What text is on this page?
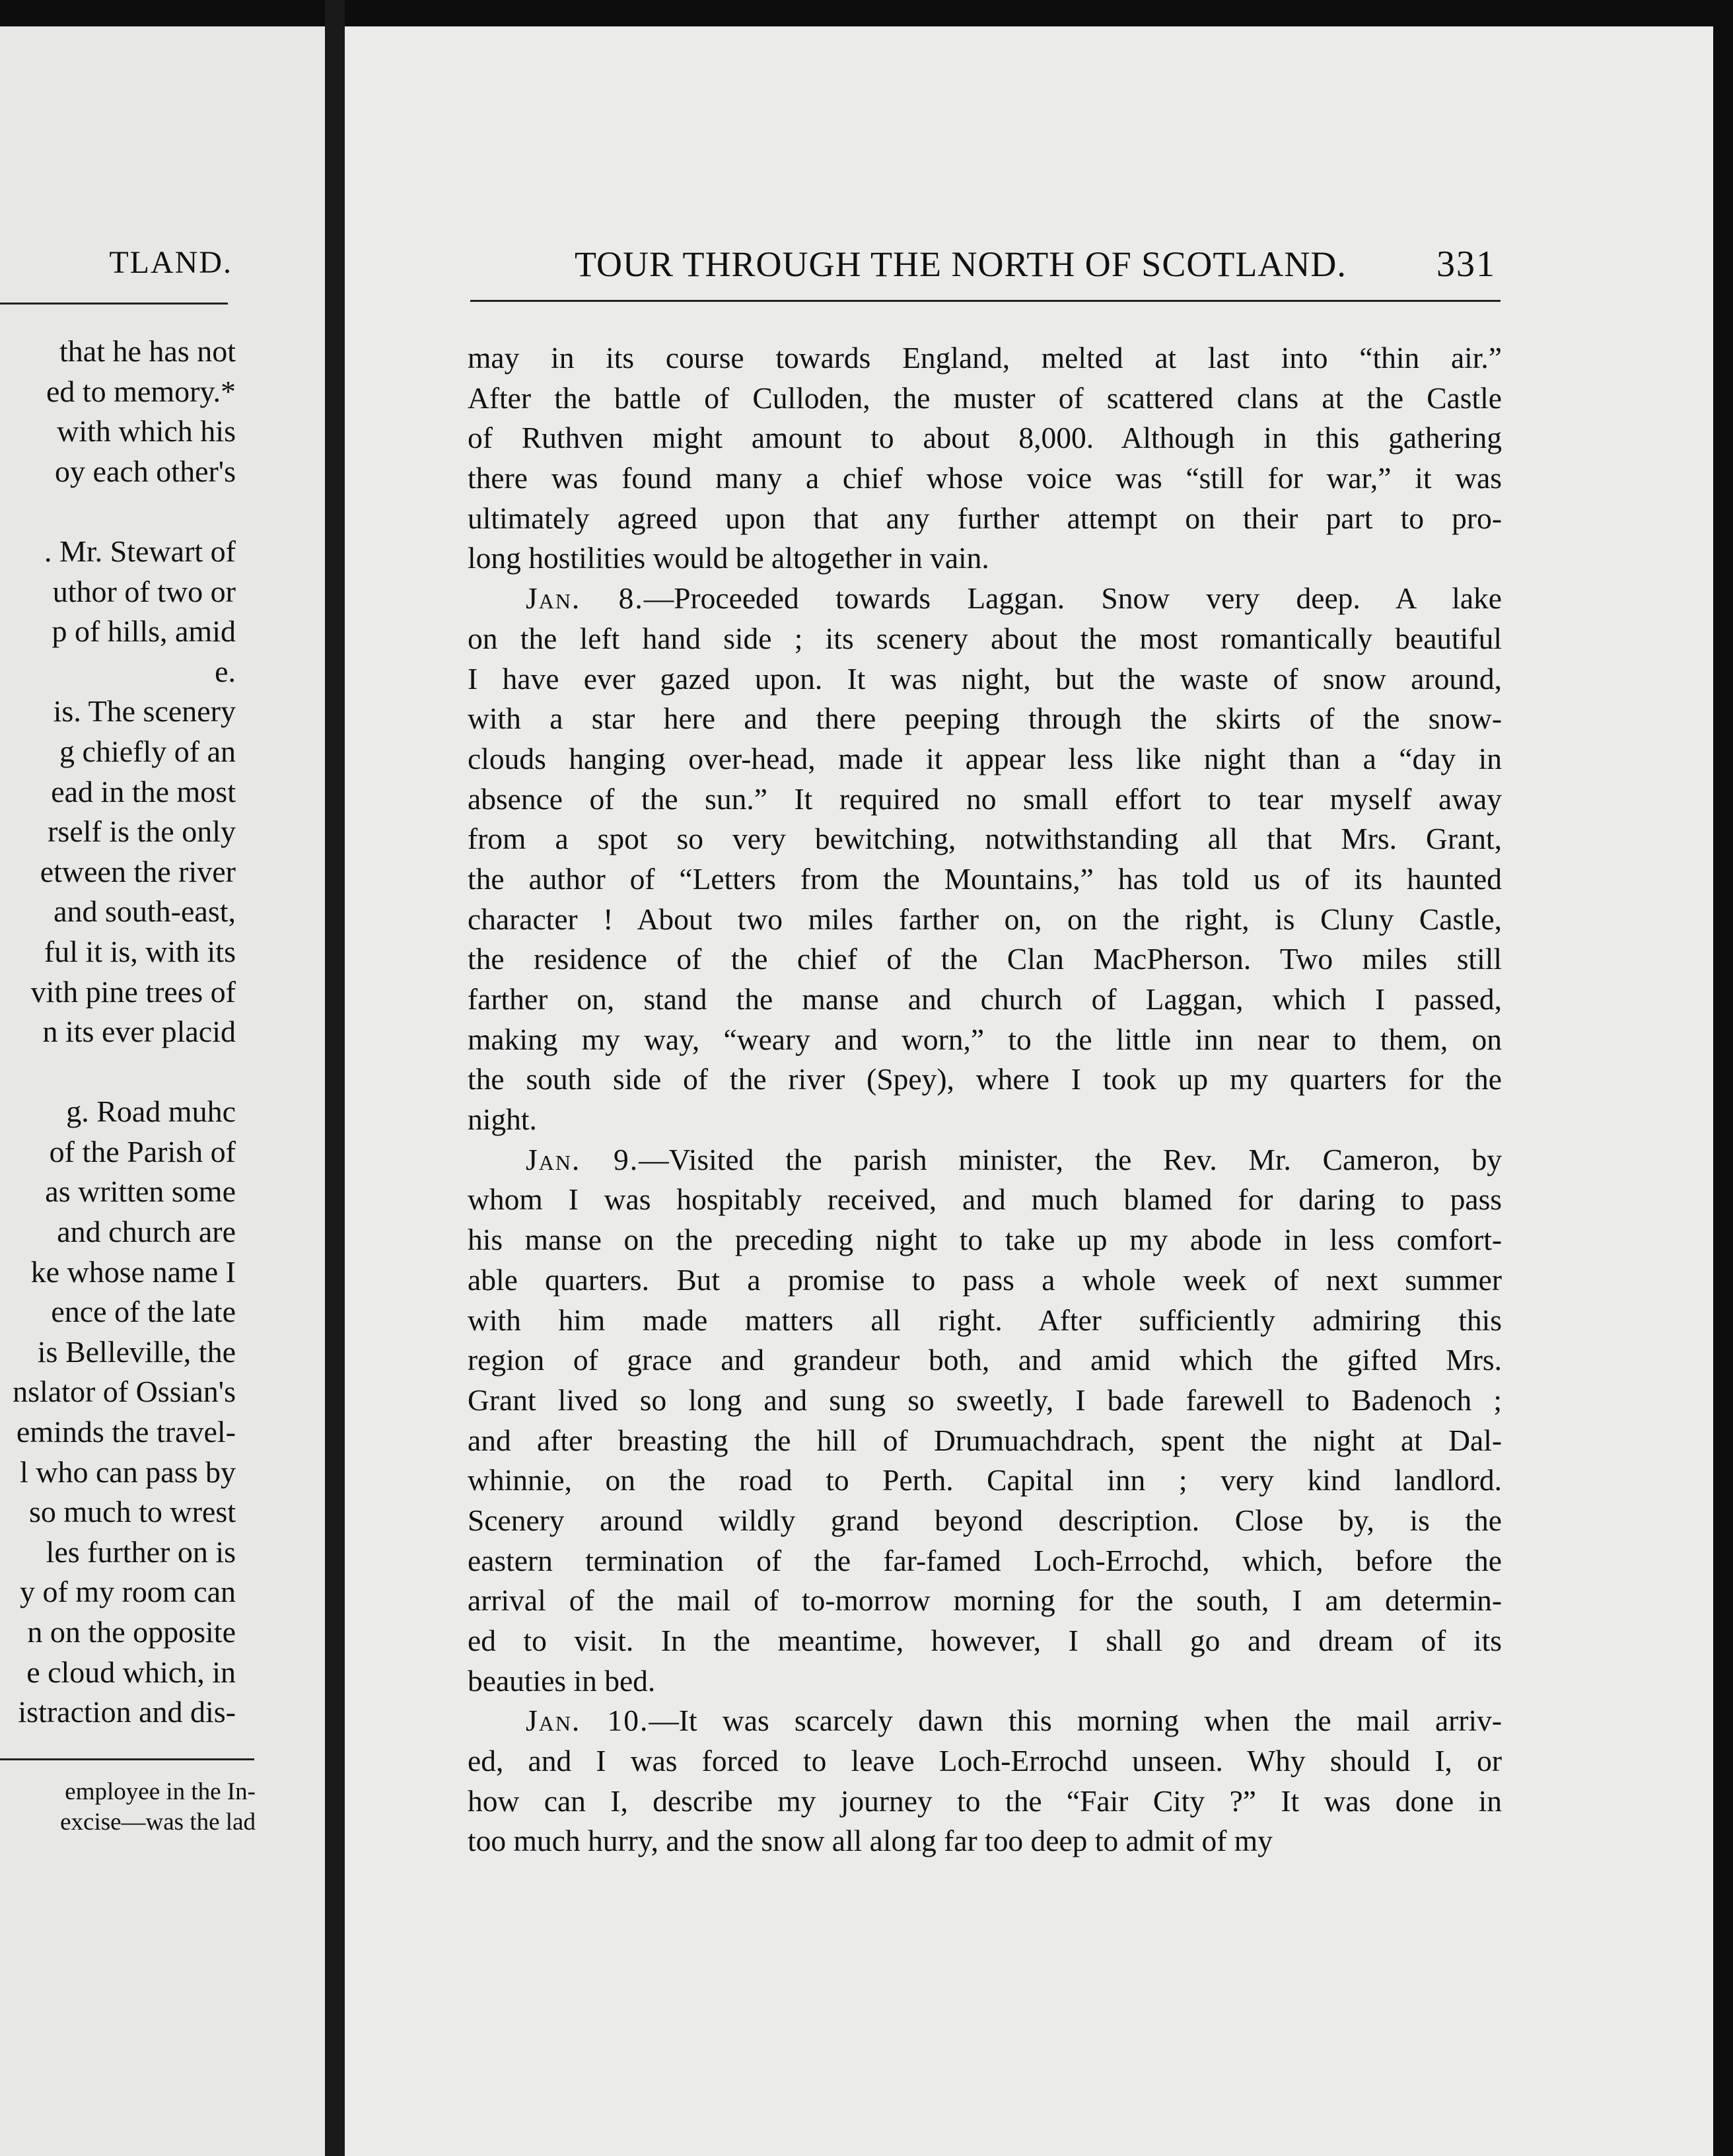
TLAND.
that he has not
ed to memory.*
with which his
oy each other's
. Mr. Stewart of
uthor of two or
p of hills, amid
e.
is. The scenery
g chiefly of an
ead in the most
rself is the only
etween the river
and south-east,
ful it is, with its
vith pine trees of
n its ever placid
g. Road muhc
of the Parish of
as written some
and church are
ke whose name I
ence of the late
is Belleville, the
nslator of Ossian's
eminds the travel-
l who can pass by
so much to wrest
les further on is
y of my room can
n on the opposite
e cloud which, in
istraction and dis-
employee in the In-
excise—was the lad
TOUR THROUGH THE NORTH OF SCOTLAND. 331
may in its course towards England, melted at last into “thin air.”
After the battle of Culloden, the muster of scattered clans at the Castle
of Ruthven might amount to about 8,000. Although in this gathering
there was found many a chief whose voice was “still for war,” it was
ultimately agreed upon that any further attempt on their part to pro-
long hostilities would be altogether in vain.
Jan. 8.—Proceeded towards Laggan. Snow very deep. A lake
on the left hand side ; its scenery about the most romantically beautiful
I have ever gazed upon. It was night, but the waste of snow around,
with a star here and there peeping through the skirts of the snow-
clouds hanging over-head, made it appear less like night than a “day in
absence of the sun.” It required no small effort to tear myself away
from a spot so very bewitching, notwithstanding all that Mrs. Grant,
the author of “Letters from the Mountains,” has told us of its haunted
character ! About two miles farther on, on the right, is Cluny Castle,
the residence of the chief of the Clan MacPherson. Two miles still
farther on, stand the manse and church of Laggan, which I passed,
making my way, “weary and worn,” to the little inn near to them, on
the south side of the river (Spey), where I took up my quarters for the
night.
Jan. 9.—Visited the parish minister, the Rev. Mr. Cameron, by
whom I was hospitably received, and much blamed for daring to pass
his manse on the preceding night to take up my abode in less comfort-
able quarters. But a promise to pass a whole week of next summer
with him made matters all right. After sufficiently admiring this
region of grace and grandeur both, and amid which the gifted Mrs.
Grant lived so long and sung so sweetly, I bade farewell to Badenoch ;
and after breasting the hill of Drumuachdrach, spent the night at Dal-
whinnie, on the road to Perth. Capital inn ; very kind landlord.
Scenery around wildly grand beyond description. Close by, is the
eastern termination of the far-famed Loch-Errochd, which, before the
arrival of the mail of to-morrow morning for the south, I am determin-
ed to visit. In the meantime, however, I shall go and dream of its
beauties in bed.
Jan. 10.—It was scarcely dawn this morning when the mail arriv-
ed, and I was forced to leave Loch-Errochd unseen. Why should I, or
how can I, describe my journey to the “Fair City ?” It was done in
too much hurry, and the snow all along far too deep to admit of my
